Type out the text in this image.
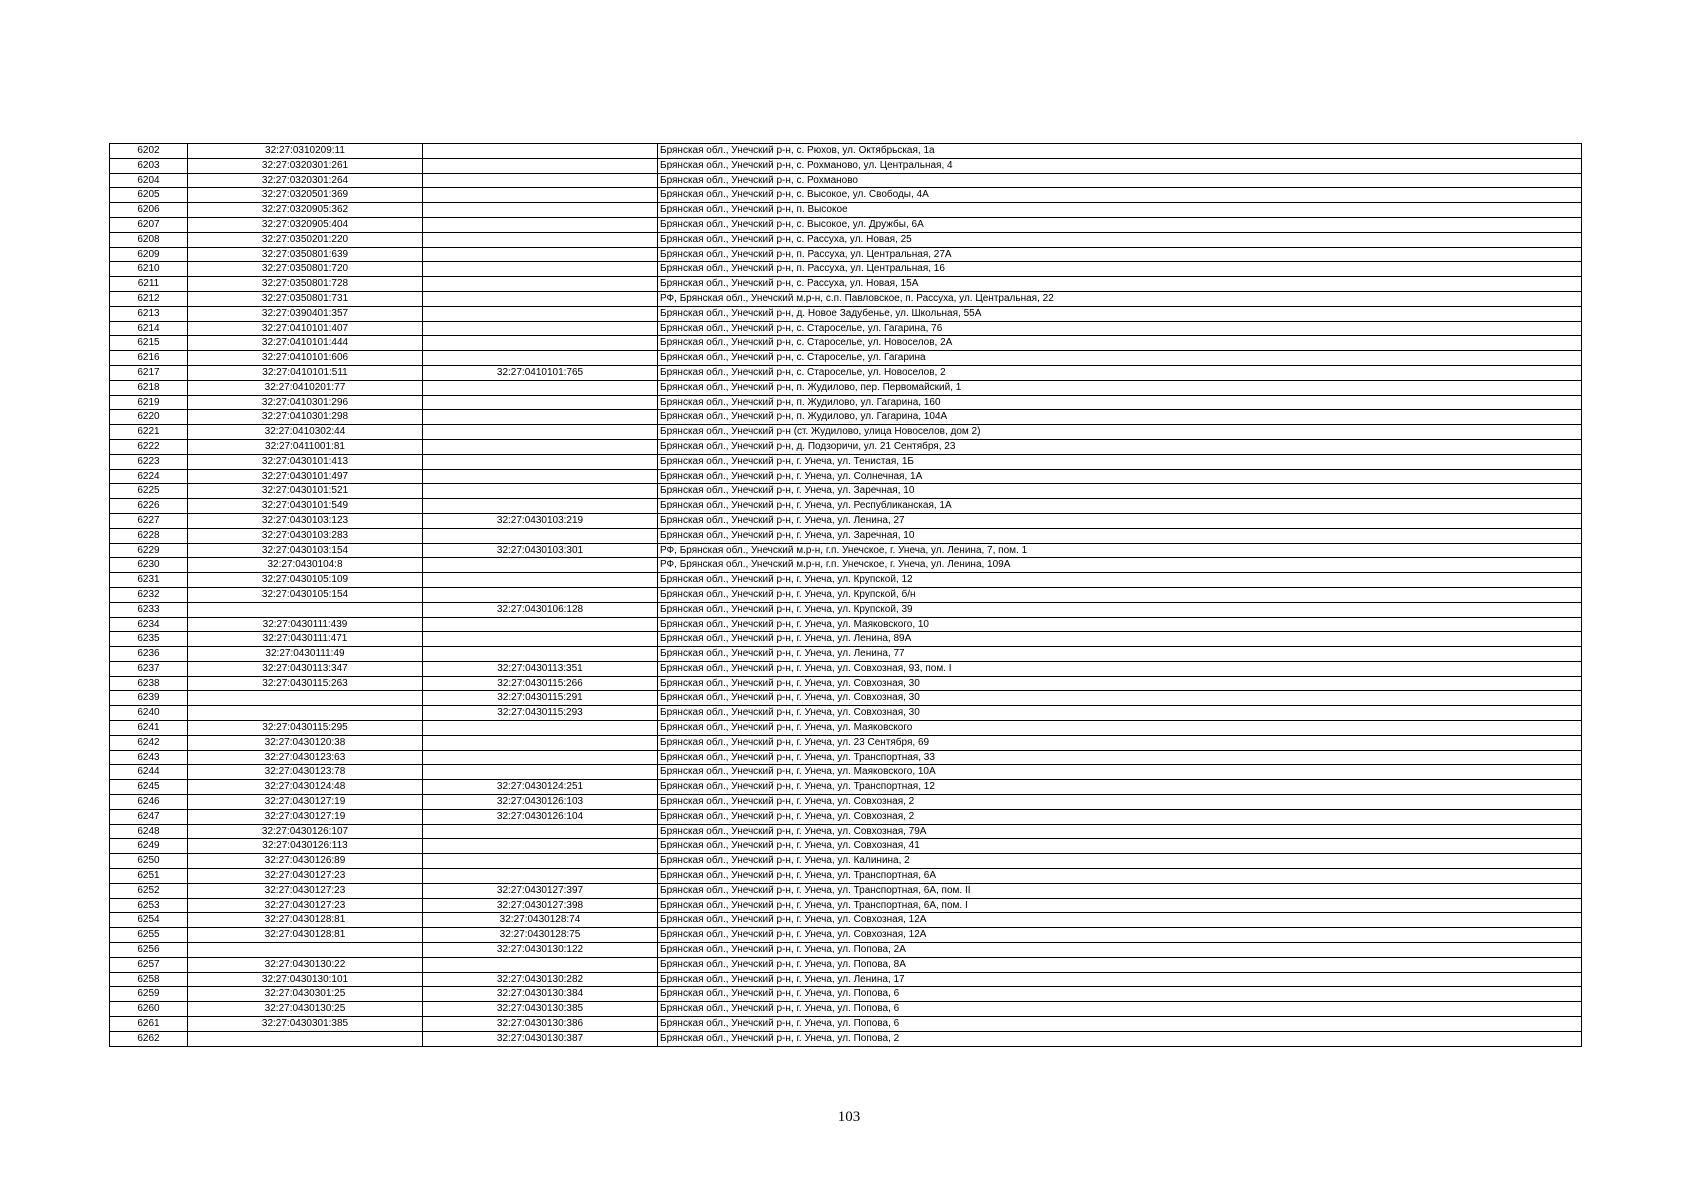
6202	32:27:0310209:11		Брянская обл., Унечский р-н, с. Рюхов, ул. Октябрьская, 1а
6203	32:27:0320301:261		Брянская обл., Унечский р-н, с. Рохманово, ул. Центральная, 4
6204	32:27:0320301:264		Брянская обл., Унечский р-н, с. Рохманово
6205	32:27:0320501:369		Брянская обл., Унечский р-н, с. Высокое, ул. Свободы, 4А
6206	32:27:0320905:362		Брянская обл., Унечский р-н, п. Высокое
6207	32:27:0320905:404		Брянская обл., Унечский р-н, с. Высокое, ул. Дружбы, 6А
6208	32:27:0350201:220		Брянская обл., Унечский р-н, с. Рассуха, ул. Новая, 25
6209	32:27:0350801:639		Брянская обл., Унечский р-н, п. Рассуха, ул. Центральная, 27А
6210	32:27:0350801:720		Брянская обл., Унечский р-н, п. Рассуха, ул. Центральная, 16
6211	32:27:0350801:728		Брянская обл., Унечский р-н, с. Рассуха, ул. Новая, 15А
6212	32:27:0350801:731		РФ, Брянская обл., Унечский м.р-н, с.п. Павловское, п. Рассуха, ул. Центральная, 22
6213	32:27:0390401:357		Брянская обл., Унечский р-н, д. Новое Задубенье, ул. Школьная, 55А
6214	32:27:0410101:407		Брянская обл., Унечский р-н, с. Староселье, ул. Гагарина, 76
6215	32:27:0410101:444		Брянская обл., Унечский р-н, с. Староселье, ул. Новоселов, 2А
6216	32:27:0410101:606		Брянская обл., Унечский р-н, с. Староселье, ул. Гагарина
6217	32:27:0410101:511	32:27:0410101:765	Брянская обл., Унечский р-н, с. Староселье, ул. Новоселов, 2
6218	32:27:0410201:77		Брянская обл., Унечский р-н, п. Жудилово, пер. Первомайский, 1
6219	32:27:0410301:296		Брянская обл., Унечский р-н, п. Жудилово, ул. Гагарина, 160
6220	32:27:0410301:298		Брянская обл., Унечский р-н, п. Жудилово, ул. Гагарина, 104А
6221	32:27:0410302:44		Брянская обл., Унечский р-н (ст. Жудилово, улица Новоселов, дом 2)
6222	32:27:0411001:81		Брянская обл., Унечский р-н, д. Подзоричи, ул. 21 Сентября, 23
6223	32:27:0430101:413		Брянская обл., Унечский р-н, г. Унеча, ул. Тенистая, 1Б
6224	32:27:0430101:497		Брянская обл., Унечский р-н, г. Унеча, ул. Солнечная, 1А
6225	32:27:0430101:521		Брянская обл., Унечский р-н, г. Унеча, ул. Заречная, 10
6226	32:27:0430101:549		Брянская обл., Унечский р-н, г. Унеча, ул. Республиканская, 1А
6227	32:27:0430103:123	32:27:0430103:219	Брянская обл., Унечский р-н, г. Унеча, ул. Ленина, 27
6228	32:27:0430103:283		Брянская обл., Унечский р-н, г. Унеча, ул. Заречная, 10
6229	32:27:0430103:154	32:27:0430103:301	РФ, Брянская обл., Унечский м.р-н, г.п. Унечское, г. Унеча, ул. Ленина, 7, пом. 1
6230	32:27:0430104:8		РФ, Брянская обл., Унечский м.р-н, г.п. Унечское, г. Унеча, ул. Ленина, 109А
6231	32:27:0430105:109		Брянская обл., Унечский р-н, г. Унеча, ул. Крупской, 12
6232	32:27:0430105:154		Брянская обл., Унечский р-н, г. Унеча, ул. Крупской, б/н
6233		32:27:0430106:128	Брянская обл., Унечский р-н, г. Унеча, ул. Крупской, 39
6234	32:27:0430111:439		Брянская обл., Унечский р-н, г. Унеча, ул. Маяковского, 10
6235	32:27:0430111:471		Брянская обл., Унечский р-н, г. Унеча, ул. Ленина, 89А
6236	32:27:0430111:49		Брянская обл., Унечский р-н, г. Унеча, ул. Ленина, 77
6237	32:27:0430113:347	32:27:0430113:351	Брянская обл., Унечский р-н, г. Унеча, ул. Совхозная, 93, пом. I
6238	32:27:0430115:263	32:27:0430115:266	Брянская обл., Унечский р-н, г. Унеча, ул. Совхозная, 30
6239		32:27:0430115:291	Брянская обл., Унечский р-н, г. Унеча, ул. Совхозная, 30
6240		32:27:0430115:293	Брянская обл., Унечский р-н, г. Унеча, ул. Совхозная, 30
6241	32:27:0430115:295		Брянская обл., Унечский р-н, г. Унеча, ул. Маяковского
6242	32:27:0430120:38		Брянская обл., Унечский р-н, г. Унеча, ул. 23 Сентября, 69
6243	32:27:0430123:63		Брянская обл., Унечский р-н, г. Унеча, ул. Транспортная, 33
6244	32:27:0430123:78		Брянская обл., Унечский р-н, г. Унеча, ул. Маяковского, 10А
6245	32:27:0430124:48	32:27:0430124:251	Брянская обл., Унечский р-н, г. Унеча, ул. Транспортная, 12
6246	32:27:0430127:19	32:27:0430126:103	Брянская обл., Унечский р-н, г. Унеча, ул. Совхозная, 2
6247	32:27:0430127:19	32:27:0430126:104	Брянская обл., Унечский р-н, г. Унеча, ул. Совхозная, 2
6248	32:27:0430126:107		Брянская обл., Унечский р-н, г. Унеча, ул. Совхозная, 79А
6249	32:27:0430126:113		Брянская обл., Унечский р-н, г. Унеча, ул. Совхозная, 41
6250	32:27:0430126:89		Брянская обл., Унечский р-н, г. Унеча, ул. Калинина, 2
6251	32:27:0430127:23		Брянская обл., Унечский р-н, г. Унеча, ул. Транспортная, 6А
6252	32:27:0430127:23	32:27:0430127:397	Брянская обл., Унечский р-н, г. Унеча, ул. Транспортная, 6А, пом. II
6253	32:27:0430127:23	32:27:0430127:398	Брянская обл., Унечский р-н, г. Унеча, ул. Транспортная, 6А, пом. I
6254	32:27:0430128:81	32:27:0430128:74	Брянская обл., Унечский р-н, г. Унеча, ул. Совхозная, 12А
6255	32:27:0430128:81	32:27:0430128:75	Брянская обл., Унечский р-н, г. Унеча, ул. Совхозная, 12А
6256		32:27:0430130:122	Брянская обл., Унечский р-н, г. Унеча, ул. Попова, 2А
6257	32:27:0430130:22		Брянская обл., Унечский р-н, г. Унеча, ул. Попова, 8А
6258	32:27:0430130:101	32:27:0430130:282	Брянская обл., Унечский р-н, г. Унеча, ул. Ленина, 17
6259	32:27:0430301:25	32:27:0430130:384	Брянская обл., Унечский р-н, г. Унеча, ул. Попова, 6
6260	32:27:0430130:25	32:27:0430130:385	Брянская обл., Унечский р-н, г. Унеча, ул. Попова, 6
6261	32:27:0430301:385	32:27:0430130:386	Брянская обл., Унечский р-н, г. Унеча, ул. Попова, 6
6262		32:27:0430130:387	Брянская обл., Унечский р-н, г. Унеча, ул. Попова, 2
103
